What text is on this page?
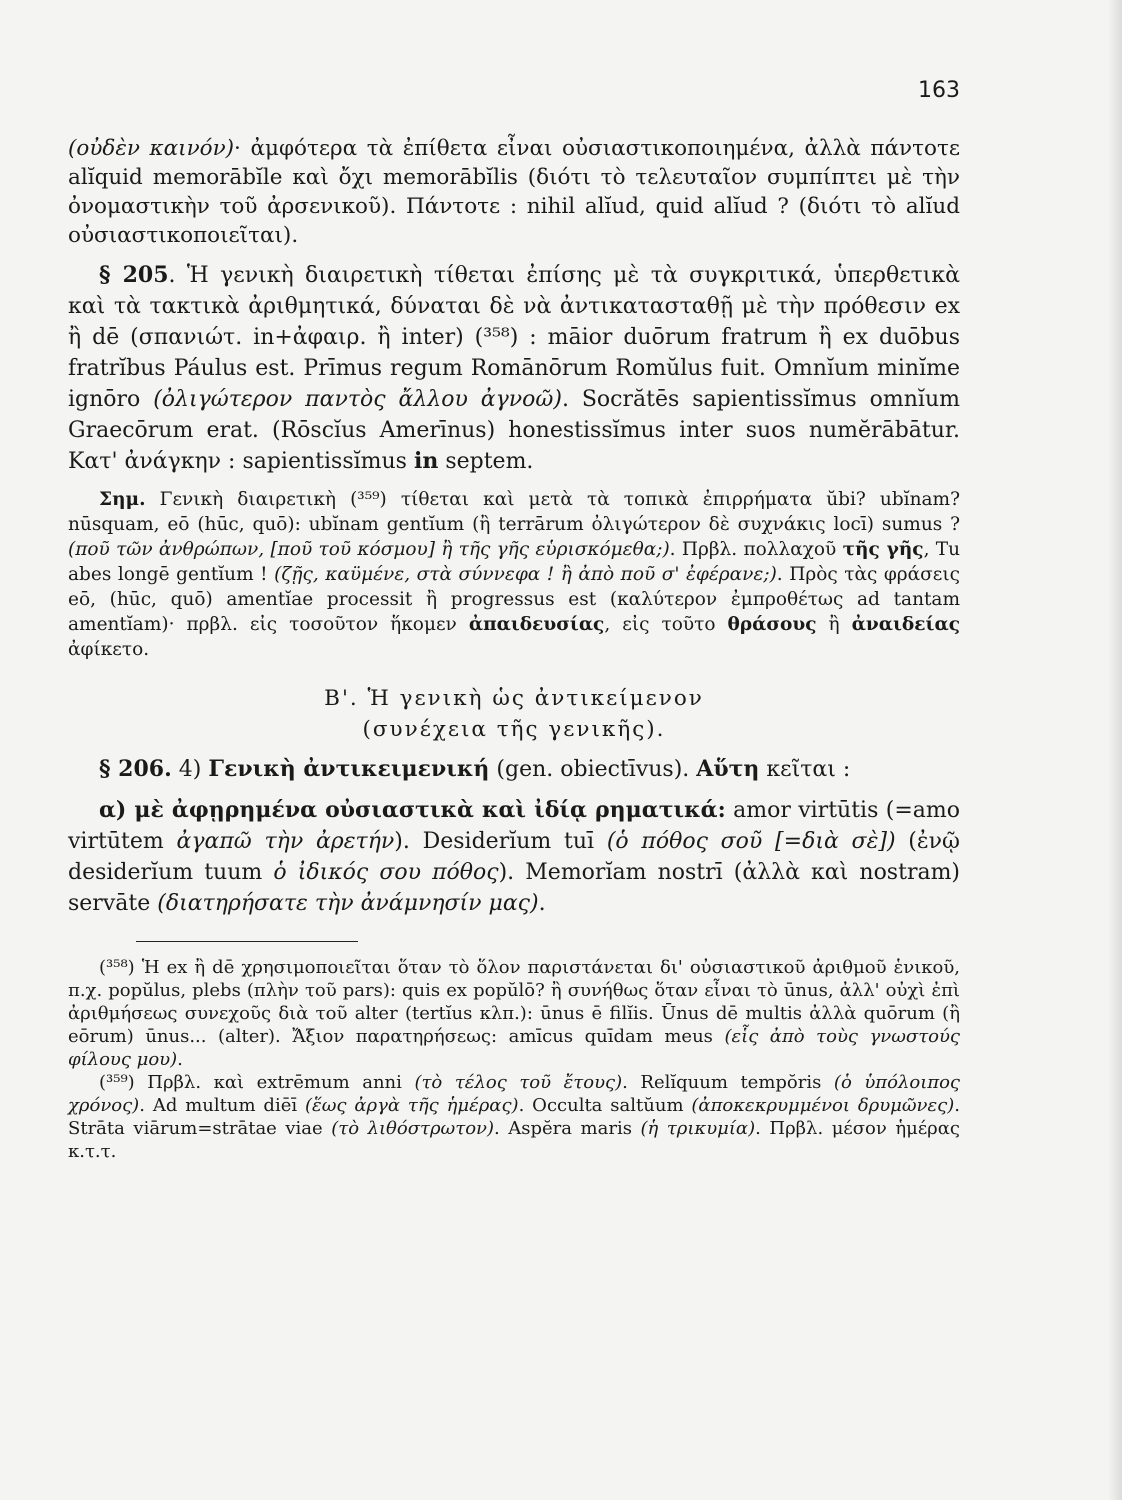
163

(οὐδὲν καινόν)· ἀμφότερα τὰ ἐπίθετα εἶναι οὐσιαστικοποιημένα, ἀλλὰ πάντοτε alĭquid memorābĭle καὶ ὄχι memorābĭlis (διότι τὸ τελευταῖον συμπίπτει μὲ τὴν ὀνομαστικὴν τοῦ ἀρσενικοῦ). Πάντοτε : nihil alĭud, quid alĭud ? (διότι τὸ alĭud οὐσιαστικοποιεῖται).

§ 205. Ἡ γενικὴ διαιρετικὴ τίθεται ἐπίσης μὲ τὰ συγκριτικά, ὑπερθετικὰ καὶ τὰ τακτικὰ ἀριθμητικά, δύναται δὲ νὰ ἀντικατασταθῇ μὲ τὴν πρόθεσιν ex ἢ dē (σπανιώτ. in+ἀφαιρ. ἢ inter) (³⁵⁸) : māior duōrum fratrum ἢ ex duōbus fratrĭbus Páulus est. Prīmus regum Romānōrum Romŭlus fuit. Omnĭum minĭme ignōro (ὀλιγώτερον παντὸς ἄλλου ἀγνοῶ). Socrătēs sapientissĭmus omnĭum Graecōrum erat. (Rōscĭus Amerīnus) honestissĭmus inter suos numĕrābātur. Κατ' ἀνάγκην : sapientissĭmus in septem.

Σημ. Γενικὴ διαιρετικὴ (³⁵⁹) τίθεται καὶ μετὰ τὰ τοπικὰ ἐπιρρήματα ŭbi? ubĭnam? nūsquam, eō (hūc, quō): ubĭnam gentĭum (ἢ terrārum ὀλιγώτερον δὲ συχνάκις locī) sumus ? (ποῦ τῶν ἀνθρώπων, [ποῦ τοῦ κόσμου] ἢ τῆς γῆς εὑρισκόμεθα;). Πρβλ. πολλαχοῦ τῆς γῆς, Tu abes longē gentĭum ! (ζῇς, καϋμένε, στὰ σύννεφα ! ἢ ἀπὸ ποῦ σ' ἐφέρανε;). Πρὸς τὰς φράσεις eō, (hūc, quō) amentĭae processit ἢ progressus est (καλύτερον ἐμπροθέτως ad tantam amentĭam)· πρβλ. εἰς τοσοῦτον ἥκομεν ἀπαιδευσίας, εἰς τοῦτο θράσους ἢ ἀναιδείας ἀφίκετο.

Β'. Ἡ γενικὴ ὡς ἀντικείμενον

(συνέχεια τῆς γενικῆς).

§ 206. 4) Γενικὴ ἀντικειμενική (gen. obiectīvus). Αὕτη κεῖται :

α) μὲ ἀφῃρημένα οὐσιαστικὰ καὶ ἰδίᾳ ρηματικά: amor virtūtis (=amo virtūtem ἀγαπῶ τὴν ἀρετήν). Desiderĭum tuī (ὁ πόθος σοῦ [=διὰ σὲ]) (ἐνῷ desiderĭum tuum ὁ ἰδικός σου πόθος). Memorĭam nostrī (ἀλλὰ καὶ nostram) servāte (διατηρήσατε τὴν ἀνάμνησίν μας).

(³⁵⁸) Ἡ ex ἢ dē χρησιμοποιεῖται ὅταν τὸ ὅλον παριστάνεται δι' οὐσιαστικοῦ ἀριθμοῦ ἑνικοῦ, π.χ. popŭlus, plebs (πλὴν τοῦ pars): quis ex popŭlō? ἢ συνήθως ὅταν εἶναι τὸ ūnus, ἀλλ' οὐχὶ ἐπὶ ἀριθμήσεως συνεχοῦς διὰ τοῦ alter (tertĭus κλπ.): ūnus ē filĭis. Ūnus dē multis ἀλλὰ quōrum (ἢ eōrum) ūnus... (alter). Ἄξιον παρατηρήσεως: amīcus quīdam meus (εἷς ἀπὸ τοὺς γνωστούς φίλους μου).

(³⁵⁹) Πρβλ. καὶ extrēmum anni (τὸ τέλος τοῦ ἔτους). Relĭquum tempŏris (ὁ ὑπόλοιπος χρόνος). Ad multum diēī (ἕως ἀργὰ τῆς ἡμέρας). Occulta saltŭum (ἀποκεκρυμμένοι δρυμῶνες). Strāta viārum=strātae viae (τὸ λιθόστρωτον). Aspĕra maris (ἡ τρικυμία). Πρβλ. μέσον ἡμέρας κ.τ.τ.
